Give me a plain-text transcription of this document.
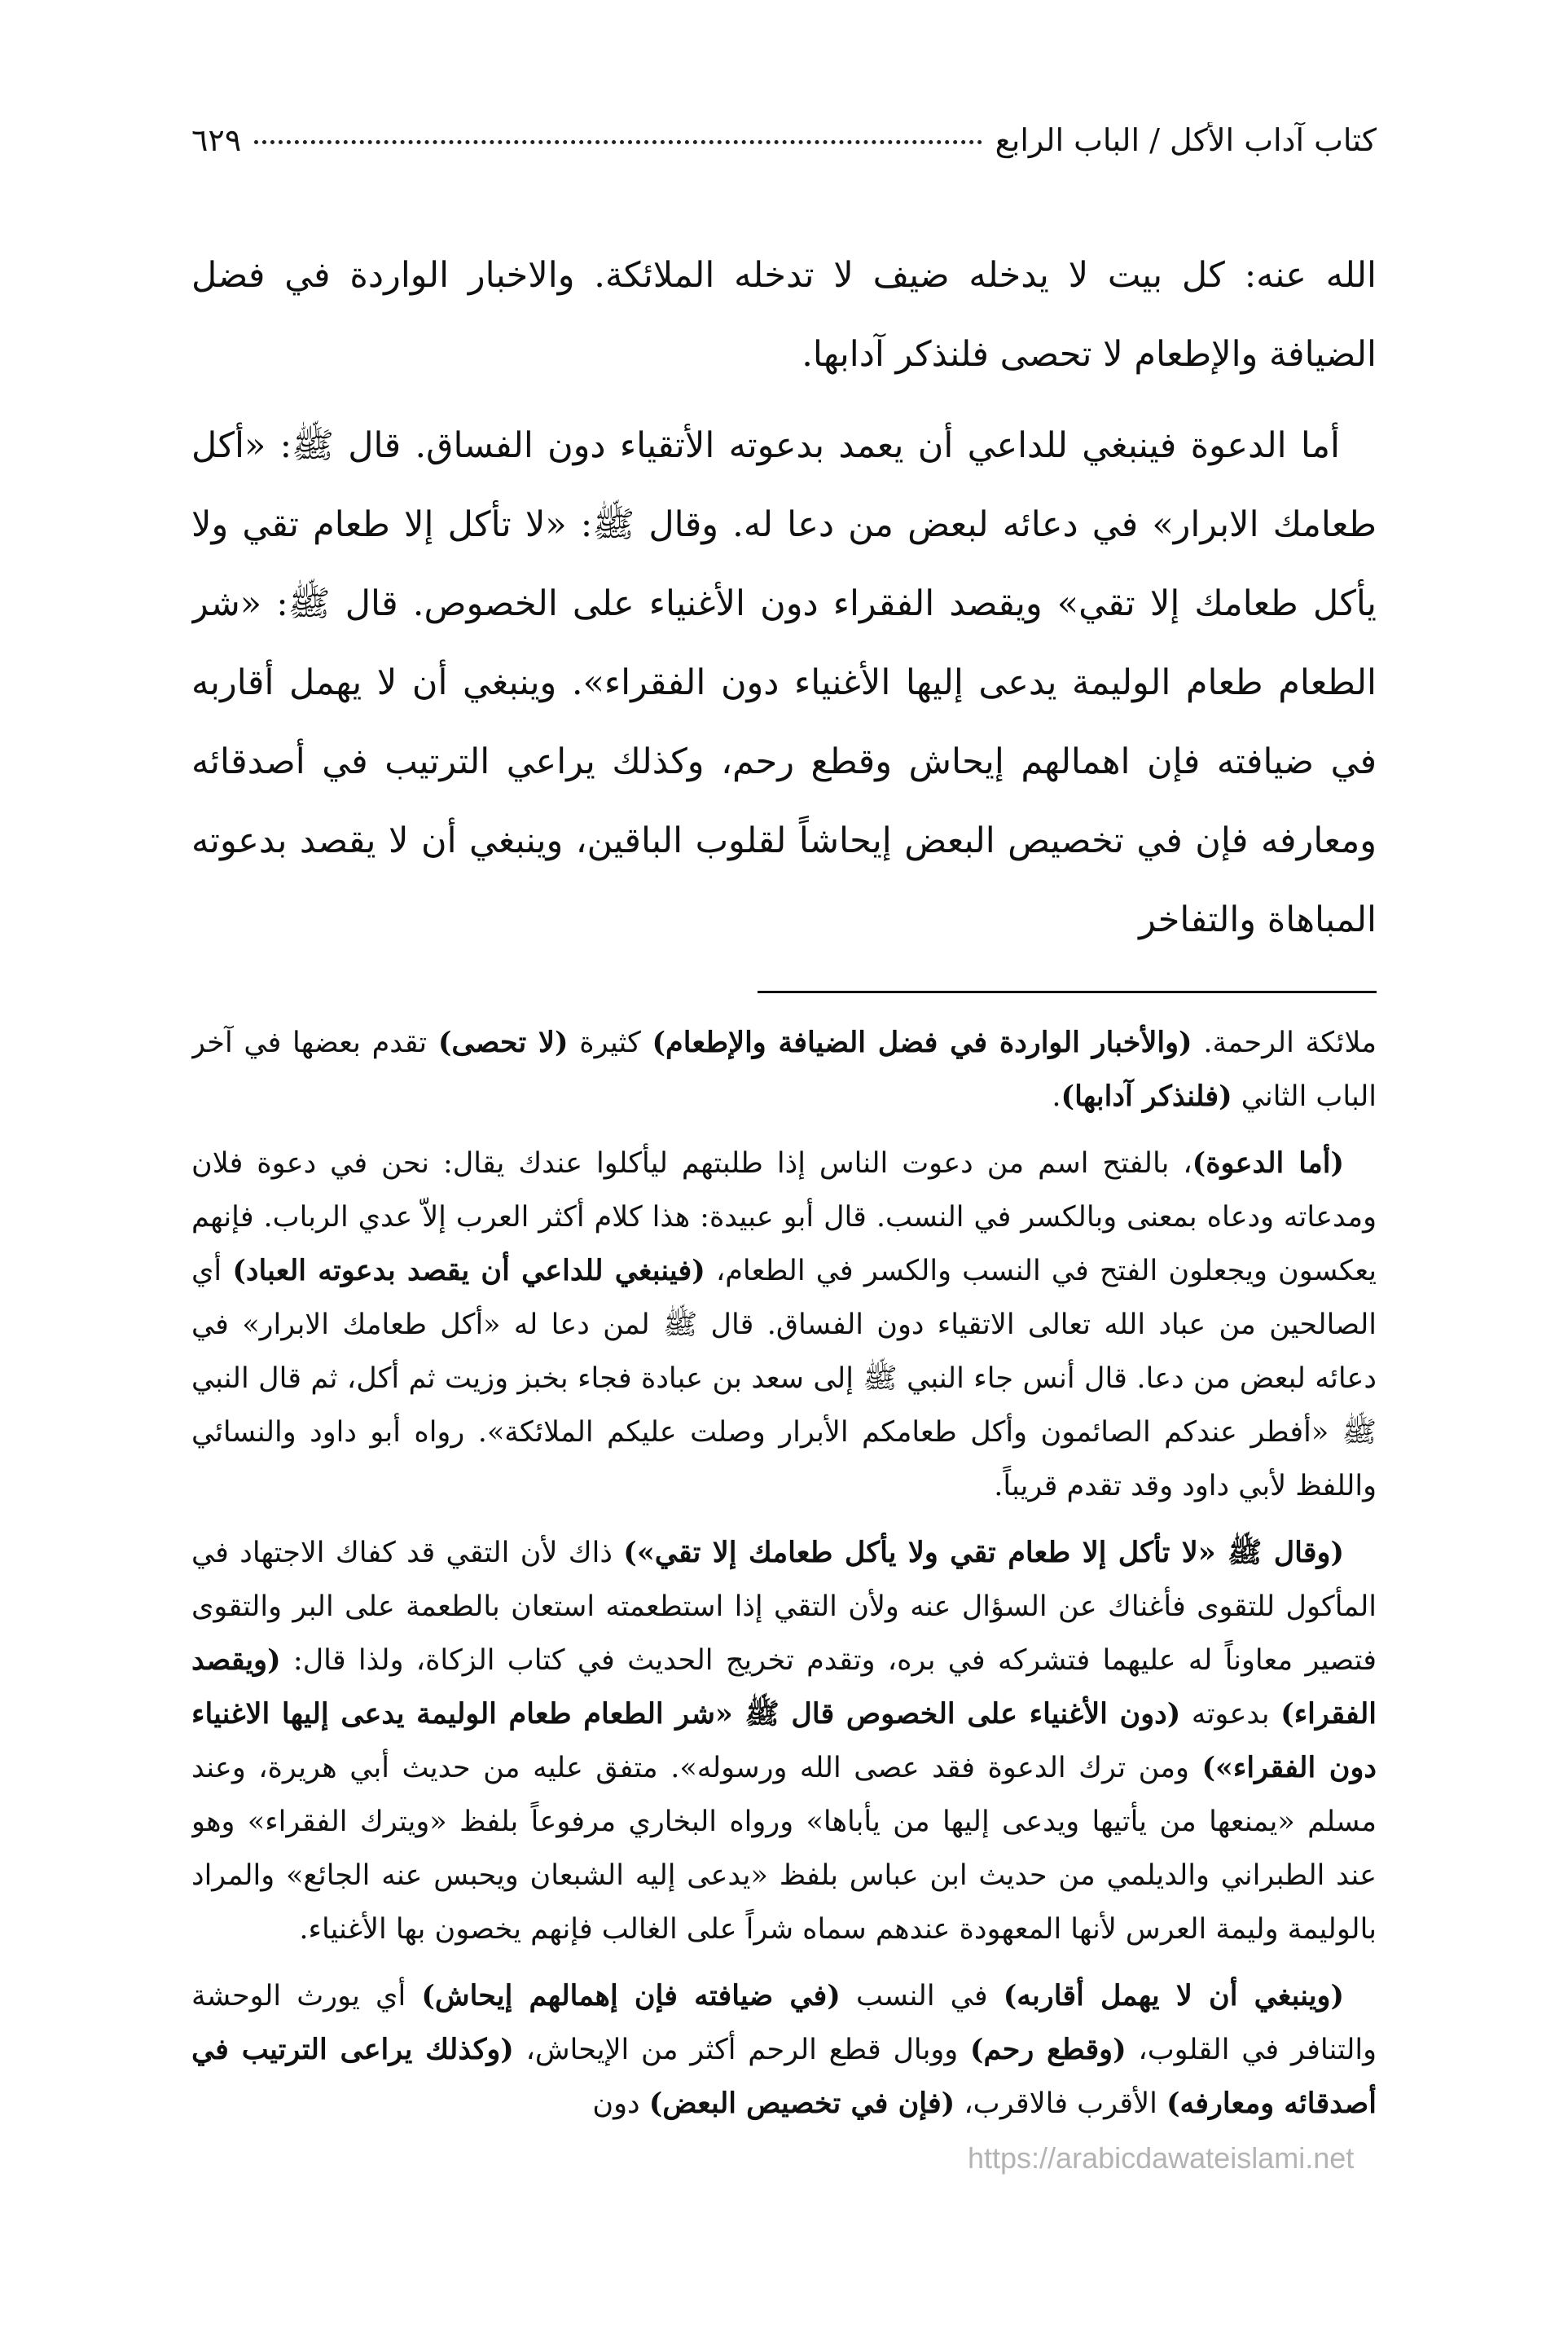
كتاب آداب الأكل / الباب الرابع
٦٢٩

الله عنه: كل بيت لا يدخله ضيف لا تدخله الملائكة. والاخبار الواردة في فضل الضيافة والإطعام لا تحصى فلنذكر آدابها.

أما الدعوة فينبغي للداعي أن يعمد بدعوته الأتقياء دون الفساق. قال ﷺ: «أكل طعامك الابرار» في دعائه لبعض من دعا له. وقال ﷺ: «لا تأكل إلا طعام تقي ولا يأكل طعامك إلا تقي» ويقصد الفقراء دون الأغنياء على الخصوص. قال ﷺ: «شر الطعام طعام الوليمة يدعى إليها الأغنياء دون الفقراء». وينبغي أن لا يهمل أقاربه في ضيافته فإن اهمالهم إيحاش وقطع رحم، وكذلك يراعي الترتيب في أصدقائه ومعارفه فإن في تخصيص البعض إيحاشاً لقلوب الباقين، وينبغي أن لا يقصد بدعوته المباهاة والتفاخر

ملائكة الرحمة. (والأخبار الواردة في فضل الضيافة والإطعام) كثيرة (لا تحصى) تقدم بعضها في آخر الباب الثاني (فلنذكر آدابها).

(أما الدعوة)، بالفتح اسم من دعوت الناس إذا طلبتهم ليأكلوا عندك يقال: نحن في دعوة فلان ومدعاته ودعاه بمعنى وبالكسر في النسب. قال أبو عبيدة: هذا كلام أكثر العرب إلاّ عدي الرباب. فإنهم يعكسون ويجعلون الفتح في النسب والكسر في الطعام، (فينبغي للداعي أن يقصد بدعوته العباد) أي الصالحين من عباد الله تعالى الاتقياء دون الفساق. قال ﷺ لمن دعا له «أكل طعامك الابرار» في دعائه لبعض من دعا. قال أنس جاء النبي ﷺ إلى سعد بن عبادة فجاء بخبز وزيت ثم أكل، ثم قال النبي ﷺ «أفطر عندكم الصائمون وأكل طعامكم الأبرار وصلت عليكم الملائكة». رواه أبو داود والنسائي واللفظ لأبي داود وقد تقدم قريباً.

(وقال ﷺ «لا تأكل إلا طعام تقي ولا يأكل طعامك إلا تقي») ذاك لأن التقي قد كفاك الاجتهاد في المأكول للتقوى فأغناك عن السؤال عنه ولأن التقي إذا استطعمته استعان بالطعمة على البر والتقوى فتصير معاوناً له عليهما فتشركه في بره، وتقدم تخريج الحديث في كتاب الزكاة، ولذا قال: (ويقصد الفقراء) بدعوته (دون الأغنياء على الخصوص قال ﷺ «شر الطعام طعام الوليمة يدعى إليها الاغنياء دون الفقراء») ومن ترك الدعوة فقد عصى الله ورسوله». متفق عليه من حديث أبي هريرة، وعند مسلم «يمنعها من يأتيها ويدعى إليها من يأباها» ورواه البخاري مرفوعاً بلفظ «ويترك الفقراء» وهو عند الطبراني والديلمي من حديث ابن عباس بلفظ «يدعى إليه الشبعان ويحبس عنه الجائع» والمراد بالوليمة وليمة العرس لأنها المعهودة عندهم سماه شراً على الغالب فإنهم يخصون بها الأغنياء.

(وينبغي أن لا يهمل أقاربه) في النسب (في ضيافته فإن إهمالهم إيحاش) أي يورث الوحشة والتنافر في القلوب، (وقطع رحم) ووبال قطع الرحم أكثر من الإيحاش، (وكذلك يراعى الترتيب في أصدقائه ومعارفه) الأقرب فالاقرب، (فإن في تخصيص البعض) دون

https://arabicdawateislami.net
